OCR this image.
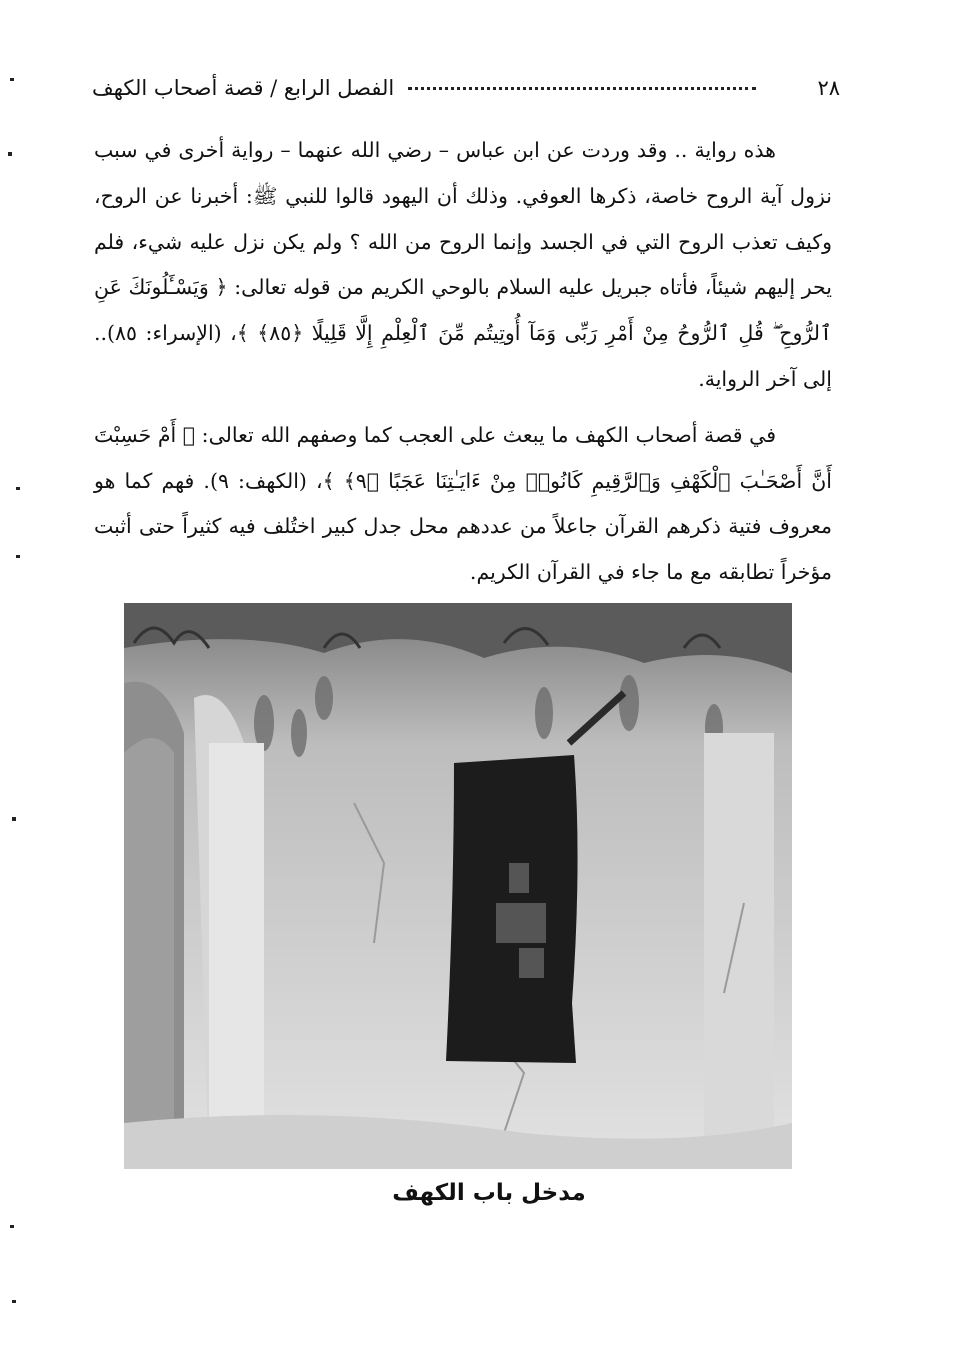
٢٨
الفصل الرابع / قصة أصحاب الكهف

هذه رواية .. وقد وردت عن ابن عباس – رضي الله عنهما – رواية أخرى في سبب نزول آية الروح خاصة، ذكرها العوفي. وذلك أن اليهود قالوا للنبي ﷺ: أخبرنا عن الروح، وكيف تعذب الروح التي في الجسد وإنما الروح من الله ؟ ولم يكن نزل عليه شيء، فلم يحر إليهم شيئاً، فأتاه جبريل عليه السلام بالوحي الكريم من قوله تعالى: ﴿ وَيَسْـَٔلُونَكَ عَنِ ٱلرُّوحِ ۖ قُلِ ٱلرُّوحُ مِنْ أَمْرِ رَبِّى وَمَآ أُوتِيتُم مِّنَ ٱلْعِلْمِ إِلَّا قَلِيلًا ﴿٨٥﴾ ﴾، (الإسراء: ٨٥).. إلى آخر الرواية.

في قصة أصحاب الكهف ما يبعث على العجب كما وصفهم الله تعالى: ﴿ أَمْ حَسِبْتَ أَنَّ أَصْحَـٰبَ ٱلْكَهْفِ وَٱلرَّقِيمِ كَانُوا۟ مِنْ ءَايَـٰتِنَا عَجَبًا ﴿٩﴾ ﴾، (الكهف: ٩). فهم كما هو معروف فتية ذكرهم القرآن جاعلاً من عددهم محل جدل كبير اختُلف فيه كثيراً حتى أثبت مؤخراً تطابقه مع ما جاء في القرآن الكريم.

مدخل باب الكهف
